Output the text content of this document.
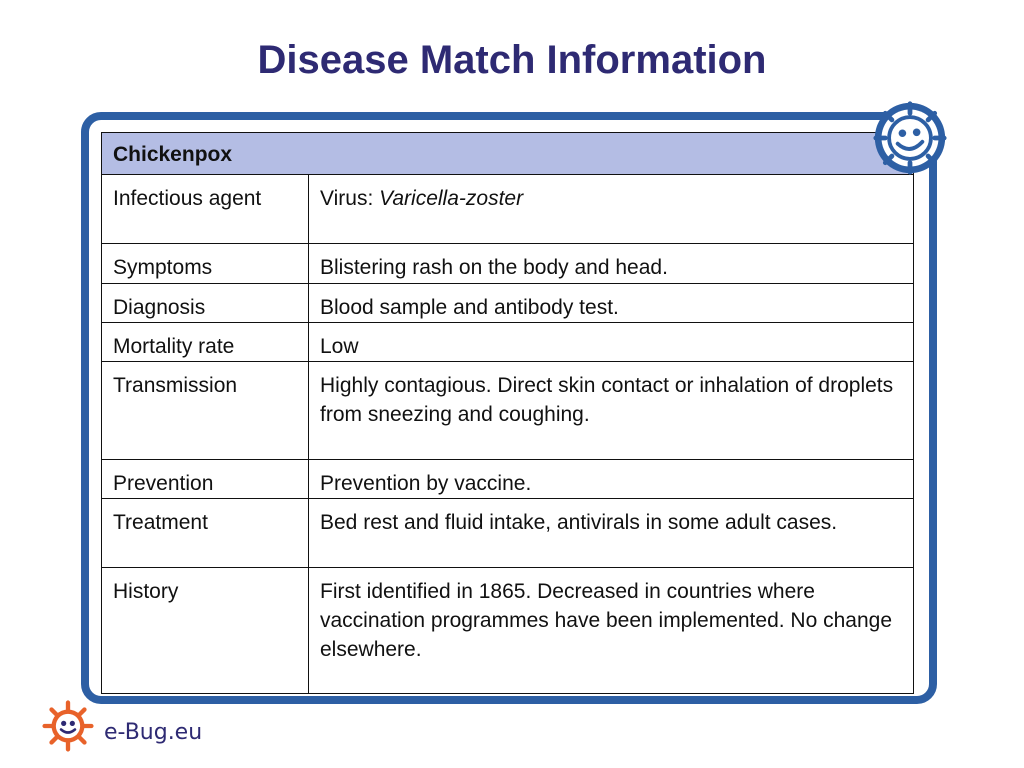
Disease Match Information
Chickenpox	
Infectious agent	Virus: Varicella-zoster
Symptoms	Blistering rash on the body and head.
Diagnosis	Blood sample and antibody test.
Mortality rate	Low
Transmission	Highly contagious. Direct skin contact or inhalation of droplets from sneezing and coughing.
Prevention	Prevention by vaccine.
Treatment	Bed rest and fluid intake, antivirals in some adult cases.
History	First identified in 1865. Decreased in countries where vaccination programmes have been implemented. No change elsewhere.
e-Bug.eu
